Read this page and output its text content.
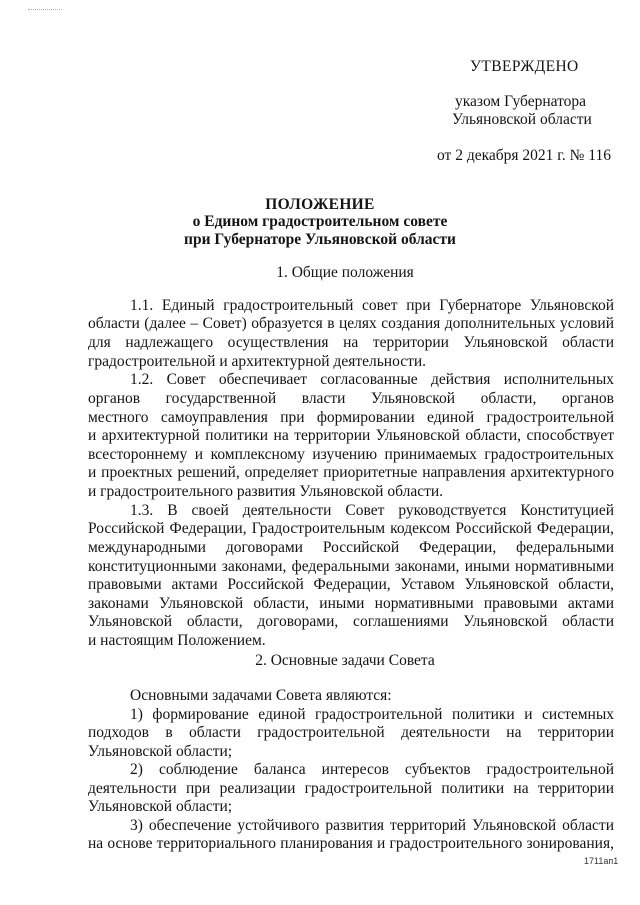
УТВЕРЖДЕНО
указом Губернатора
Ульяновской области
от 2 декабря 2021 г. № 116
ПОЛОЖЕНИЕ
о Едином градостроительном совете
при Губернаторе Ульяновской области
1. Общие положения
1.1. Единый градостроительный совет при Губернаторе Ульяновской
области (далее – Совет) образуется в целях создания дополнительных условий
для надлежащего осуществления на территории Ульяновской области
градостроительной и архитектурной деятельности.
1.2. Совет обеспечивает согласованные действия исполнительных
органов государственной власти Ульяновской области, органов
местного самоуправления при формировании единой градостроительной
и архитектурной политики на территории Ульяновской области, способствует
всестороннему и комплексному изучению принимаемых градостроительных
и проектных решений, определяет приоритетные направления архитектурного
и градостроительного развития Ульяновской области.
1.3. В своей деятельности Совет руководствуется Конституцией
Российской Федерации, Градостроительным кодексом Российской Федерации,
международными договорами Российской Федерации, федеральными
конституционными законами, федеральными законами, иными нормативными
правовыми актами Российской Федерации, Уставом Ульяновской области,
законами Ульяновской области, иными нормативными правовыми актами
Ульяновской области, договорами, соглашениями Ульяновской области
и настоящим Положением.
2. Основные задачи Совета
Основными задачами Совета являются:
1) формирование единой градостроительной политики и системных
подходов в области градостроительной деятельности на территории
Ульяновской области;
2) соблюдение баланса интересов субъектов градостроительной
деятельности при реализации градостроительной политики на территории
Ульяновской области;
3) обеспечение устойчивого развития территорий Ульяновской области
на основе территориального планирования и градостроительного зонирования,
1711ап1
